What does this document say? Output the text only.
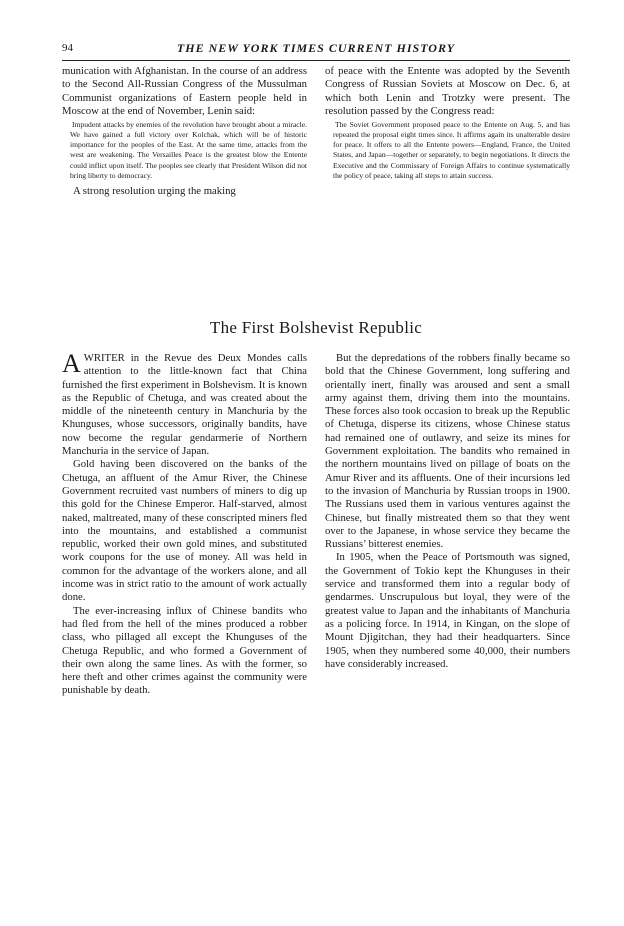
94	THE NEW YORK TIMES CURRENT HISTORY

munication with Afghanistan. In the course of an address to the Second All-Russian Congress of the Mussulman Communist organizations of Eastern people held in Moscow at the end of November, Lenin said:

Impudent attacks by enemies of the revolution have brought about a miracle. We have gained a full victory over Kolchak, which will be of historic importance for the peoples of the East. At the same time, attacks from the west are weakening. The Versailles Peace is the greatest blow the Entente could inflict upon itself. The peoples see clearly that President Wilson did not bring liberty to democracy.

A strong resolution urging the making

of peace with the Entente was adopted by the Seventh Congress of Russian Soviets at Moscow on Dec. 6, at which both Lenin and Trotzky were present. The resolution passed by the Congress read:

The Soviet Government proposed peace to the Entente on Aug. 5, and has repeated the proposal eight times since. It affirms again its unalterable desire for peace. It offers to all the Entente powers—England, France, the United States, and Japan—together or separately, to begin negotiations. It directs the Executive and the Commissary of Foreign Affairs to continue systematically the policy of peace, taking all steps to attain success.

The First Bolshevist Republic

AWRITER in the Revue des Deux Mondes calls attention to the little-known fact that China furnished the first experiment in Bolshevism. It is known as the Republic of Chetuga, and was created about the middle of the nineteenth century in Manchuria by the Khunguses, whose successors, originally bandits, have now become the regular gendarmerie of Northern Manchuria in the service of Japan.

Gold having been discovered on the banks of the Chetuga, an affluent of the Amur River, the Chinese Government recruited vast numbers of miners to dig up this gold for the Chinese Emperor. Half-starved, almost naked, maltreated, many of these conscripted miners fled into the mountains, and established a communist republic, worked their own gold mines, and substituted work coupons for the use of money. All was held in common for the advantage of the workers alone, and all income was in strict ratio to the amount of work actually done.

The ever-increasing influx of Chinese bandits who had fled from the hell of the mines produced a robber class, who pillaged all except the Khunguses of the Chetuga Republic, and who formed a Government of their own along the same lines. As with the former, so here theft and other crimes against the community were punishable by death.

But the depredations of the robbers finally became so bold that the Chinese Government, long suffering and orientally inert, finally was aroused and sent a small army against them, driving them into the mountains. These forces also took occasion to break up the Republic of Chetuga, disperse its citizens, whose Chinese status had remained one of outlawry, and seize its mines for Government exploitation. The bandits who remained in the northern mountains lived on pillage of boats on the Amur River and its affluents. One of their incursions led to the invasion of Manchuria by Russian troops in 1900. The Russians used them in various ventures against the Chinese, but finally mistreated them so that they went over to the Japanese, in whose service they became the Russians’ bitterest enemies.

In 1905, when the Peace of Portsmouth was signed, the Government of Tokio kept the Khunguses in their service and transformed them into a regular body of gendarmes. Unscrupulous but loyal, they were of the greatest value to Japan and the inhabitants of Manchuria as a policing force. In 1914, in Kingan, on the slope of Mount Djigitchan, they had their headquarters. Since 1905, when they numbered some 40,000, their numbers have considerably increased.
